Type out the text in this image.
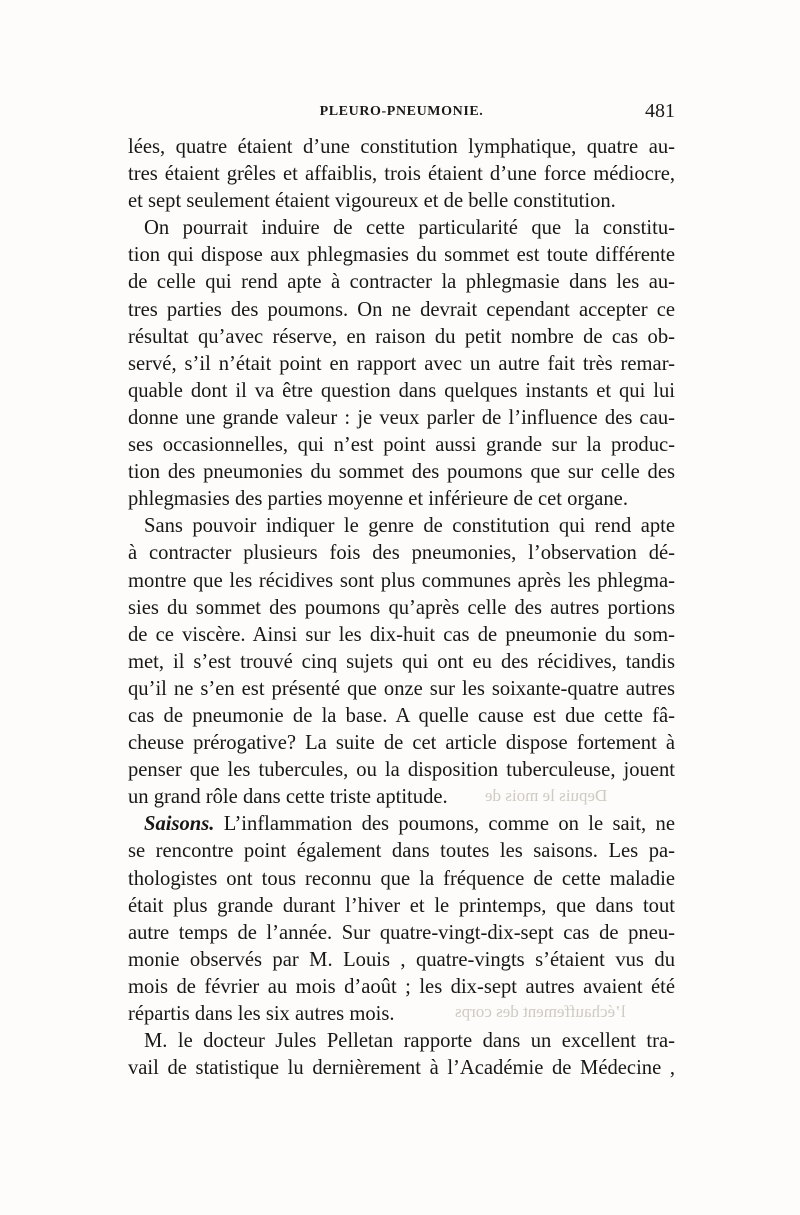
PLEURO-PNEUMONIE.	481
Depuis le mois de
l’échauffement des corps

lées, quatre étaient d’une constitution lymphatique, quatre au-

tres étaient grêles et affaiblis, trois étaient d’une force médiocre,

et sept seulement étaient vigoureux et de belle constitution.

On pourrait induire de cette particularité que la constitu-

tion qui dispose aux phlegmasies du sommet est toute différente

de celle qui rend apte à contracter la phlegmasie dans les au-

tres parties des poumons. On ne devrait cependant accepter ce

résultat qu’avec réserve, en raison du petit nombre de cas ob-

servé, s’il n’était point en rapport avec un autre fait très remar-

quable dont il va être question dans quelques instants et qui lui

donne une grande valeur : je veux parler de l’influence des cau-

ses occasionnelles, qui n’est point aussi grande sur la produc-

tion des pneumonies du sommet des poumons que sur celle des

phlegmasies des parties moyenne et inférieure de cet organe.

Sans pouvoir indiquer le genre de constitution qui rend apte

à contracter plusieurs fois des pneumonies, l’observation dé-

montre que les récidives sont plus communes après les phlegma-

sies du sommet des poumons qu’après celle des autres portions

de ce viscère. Ainsi sur les dix-huit cas de pneumonie du som-

met, il s’est trouvé cinq sujets qui ont eu des récidives, tandis

qu’il ne s’en est présenté que onze sur les soixante-quatre autres

cas de pneumonie de la base. A quelle cause est due cette fâ-

cheuse prérogative? La suite de cet article dispose fortement à

penser que les tubercules, ou la disposition tuberculeuse, jouent

un grand rôle dans cette triste aptitude.

Saisons. L’inflammation des poumons, comme on le sait, ne

se rencontre point également dans toutes les saisons. Les pa-

thologistes ont tous reconnu que la fréquence de cette maladie

était plus grande durant l’hiver et le printemps, que dans tout

autre temps de l’année. Sur quatre-vingt-dix-sept cas de pneu-

monie observés par M. Louis , quatre-vingts s’étaient vus du

mois de février au mois d’août ; les dix-sept autres avaient été

répartis dans les six autres mois.

M. le docteur Jules Pelletan rapporte dans un excellent tra-

vail de statistique lu dernièrement à l’Académie de Médecine ,
